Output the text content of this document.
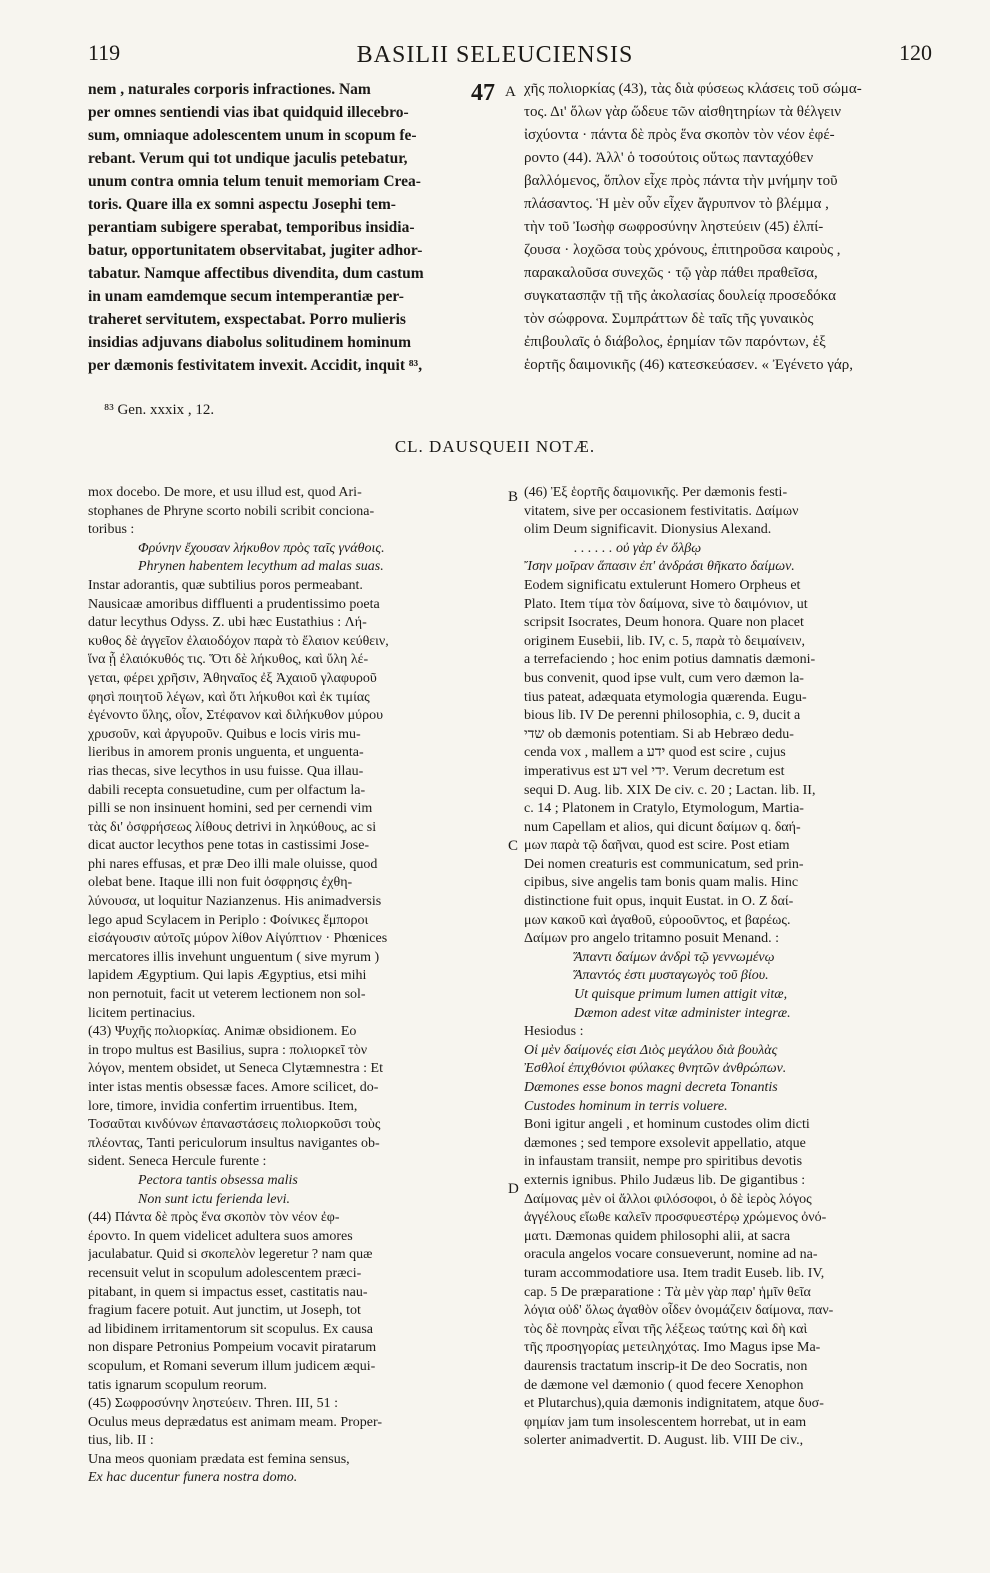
119	BASILII SELEUCIENSIS	120
47 A

nem , naturales corporis infractiones. Nam

per omnes sentiendi vias ibat quidquid illecebro-

sum, omniaque adolescentem unum in scopum fe-

rebant. Verum qui tot undique jaculis petebatur,

unum contra omnia telum tenuit memoriam Crea-

toris. Quare illa ex somni aspectu Josephi tem-

perantiam subigere sperabat, temporibus insidia-

batur, opportunitatem observitabat, jugiter adhor-

tabatur. Namque affectibus divendita, dum castum

in unam eamdemque secum intemperantiæ per-

traheret servitutem, exspectabat. Porro mulieris

insidias adjuvans diabolus solitudinem hominum

per dæmonis festivitatem invexit. Accidit, inquit ⁸³,

χῆς πολιορκίας (43), τὰς διὰ φύσεως κλάσεις τοῦ σώμα-

τος. Δι' ὅλων γὰρ ὥδευε τῶν αἰσθητηρίων τὰ θέλγειν

ἰσχύοντα · πάντα δὲ πρὸς ἕνα σκοπὸν τὸν νέον ἐφέ-

ροντο (44). Ἀλλ' ὁ τοσούτοις οὕτως πανταχόθεν

βαλλόμενος, ὅπλον εἶχε πρὸς πάντα τὴν μνήμην τοῦ

πλάσαντος. Ἡ μὲν οὖν εἶχεν ἄγρυπνον τὸ βλέμμα ,

τὴν τοῦ Ἰωσὴφ σωφροσύνην ληστεύειν (45) ἐλπί-

ζουσα · λοχῶσα τοὺς χρόνους, ἐπιτηροῦσα καιροὺς ,

παρακαλοῦσα συνεχῶς · τῷ γὰρ πάθει πραθεῖσα,

συγκατασπᾷν τῇ τῆς ἀκολασίας δουλείᾳ προσεδόκα

τὸν σώφρονα. Συμπράττων δὲ ταῖς τῆς γυναικὸς

ἐπιβουλαῖς ὁ διάβολος, ἐρημίαν τῶν παρόντων, ἐξ

ἑορτῆς δαιμονικῆς (46) κατεσκεύασεν. « Ἐγένετο γάρ,

⁸³ Gen. xxxix , 12.
CL. DAUSQUEII NOTÆ.
B
C
D

mox docebo. De more, et usu illud est, quod Ari-

stophanes de Phryne scorto nobili scribit conciona-

toribus :

Φρύνην ἔχουσαν λήκυθον πρὸς ταῖς γνάθοις.

Phrynen habentem lecythum ad malas suas.

Instar adorantis, quæ subtilius poros permeabant.

Nausicaæ amoribus diffluenti a prudentissimo poeta

datur lecythus Odyss. Z. ubi hæc Eustathius : Λή-

κυθος δὲ ἀγγεῖον ἐλαιοδόχον παρὰ τὸ ἔλαιον κεύθειν,

ἵνα ᾖ ἐλαιόκυθός τις. Ὅτι δὲ λήκυθος, καὶ ὕλη λέ-

γεται, φέρει χρῆσιν, Ἀθηναῖος ἐξ Ἀχαιοῦ γλαφυροῦ

φησὶ ποιητοῦ λέγων, καὶ ὅτι λήκυθοι καὶ ἐκ τιμίας

ἐγένοντο ὕλης, οἷον, Στέφανον καὶ διλήκυθον μύρου

χρυσοῦν, καὶ ἀργυροῦν. Quibus e locis viris mu-

lieribus in amorem pronis unguenta, et unguenta-

rias thecas, sive lecythos in usu fuisse. Qua illau-

dabili recepta consuetudine, cum per olfactum la-

pilli se non insinuent homini, sed per cernendi vim

τὰς δι' ὀσφρήσεως λίθους detrivi in ληκύθους, ac si

dicat auctor lecythos pene totas in castissimi Jose-

phi nares effusas, et præ Deo illi male oluisse, quod

olebat bene. Itaque illi non fuit ὀσφρησις ἐχθη-

λύνουσα, ut loquitur Nazianzenus. His animadversis

lego apud Scylacem in Periplo : Φοίνικες ἔμποροι

εἰσάγουσιν αὐτοῖς μύρον λίθον Αἰγύπτιον · Phœnices

mercatores illis invehunt unguentum ( sive myrum )

lapidem Ægyptium. Qui lapis Ægyptius, etsi mihi

non pernotuit, facit ut veterem lectionem non sol-

licitem pertinacius.

(43) Ψυχῆς πολιορκίας. Animæ obsidionem. Eo

in tropo multus est Basilius, supra : πολιορκεῖ τὸν

λόγον, mentem obsidet, ut Seneca Clytæmnestra : Et

inter istas mentis obsessæ faces. Amore scilicet, do-

lore, timore, invidia confertim irruentibus. Item,

Τοσαῦται κινδύνων ἐπαναστάσεις πολιορκοῦσι τοὺς

πλέοντας, Tanti periculorum insultus navigantes ob-

sident. Seneca Hercule furente :

Pectora tantis obsessa malis

Non sunt ictu ferienda levi.

(44) Πάντα δὲ πρὸς ἕνα σκοπὸν τὸν νέον ἐφ-

έροντο. In quem videlicet adultera suos amores

jaculabatur. Quid si σκοπελὸν legeretur ? nam quæ

recensuit velut in scopulum adolescentem præci-

pitabant, in quem si impactus esset, castitatis nau-

fragium facere potuit. Aut junctim, ut Joseph, tot

ad libidinem irritamentorum sit scopulus. Ex causa

non dispare Petronius Pompeium vocavit piratarum

scopulum, et Romani severum illum judicem æqui-

tatis ignarum scopulum reorum.

(45) Σωφροσύνην ληστεύειν. Thren. III, 51 :

Oculus meus deprædatus est animam meam. Proper-

tius, lib. II :

Una meos quoniam prædata est femina sensus,

Ex hac ducentur funera nostra domo.

(46) Ἐξ ἑορτῆς δαιμονικῆς. Per dæmonis festi-

vitatem, sive per occasionem festivitatis. Δαίμων

olim Deum significavit. Dionysius Alexand.

. . . . . . οὐ γὰρ ἐν ὄλβῳ

Ἴσην μοῖραν ἅπασιν ἐπ' ἀνδράσι θῆκατο δαίμων.

Eodem significatu extulerunt Homero Orpheus et

Plato. Item τίμα τὸν δαίμονα, sive τὸ δαιμόνιον, ut

scripsit Isocrates, Deum honora. Quare non placet

originem Eusebii, lib. IV, c. 5, παρὰ τὸ δειμαίνειν,

a terrefaciendo ; hoc enim potius damnatis dæmoni-

bus convenit, quod ipse vult, cum vero dæmon la-

tius pateat, adæquata etymologia quærenda. Eugu-

bious lib. IV De perenni philosophia, c. 9, ducit a

שדי ob dæmonis potentiam. Si ab Hebræo dedu-

cenda vox , mallem a ידע quod est scire , cujus

imperativus est דע vel ידי. Verum decretum est

sequi D. Aug. lib. XIX De civ. c. 20 ; Lactan. lib. II,

c. 14 ; Platonem in Cratylo, Etymologum, Martia-

num Capellam et alios, qui dicunt δαίμων q. δαή-

μων παρὰ τῷ δαῆναι, quod est scire. Post etiam

Dei nomen creaturis est communicatum, sed prin-

cipibus, sive angelis tam bonis quam malis. Hinc

distinctione fuit opus, inquit Eustat. in O. Z δαί-

μων κακοῦ καὶ ἀγαθοῦ, εὐροοῦντος, et βαρέως.

Δαίμων pro angelo tritamno posuit Menand. :

Ἅπαντι δαίμων ἀνδρὶ τῷ γεννωμένῳ

Ἅπαντός ἐστι μυσταγωγὸς τοῦ βίου.

Ut quisque primum lumen attigit vitæ,

Dæmon adest vitæ administer integræ.

Hesiodus :

Οἱ μὲν δαίμονές εἰσι Διὸς μεγάλου διὰ βουλὰς

Ἐσθλοί ἐπιχθόνιοι φύλακες θνητῶν ἀνθρώπων.

Dæmones esse bonos magni decreta Tonantis

Custodes hominum in terris voluere.

Boni igitur angeli , et hominum custodes olim dicti

dæmones ; sed tempore exsolevit appellatio, atque

in infaustam transiit, nempe pro spiritibus devotis

externis ignibus. Philo Judæus lib. De gigantibus :

Δαίμονας μὲν οἱ ἄλλοι φιλόσοφοι, ὁ δὲ ἱερὸς λόγος

ἀγγέλους εἴωθε καλεῖν προσφυεστέρῳ χρώμενος ὀνό-

ματι. Dæmonas quidem philosophi alii, at sacra

oracula angelos vocare consueverunt, nomine ad na-

turam accommodatiore usa. Item tradit Euseb. lib. IV,

cap. 5 De præparatione : Τὰ μὲν γὰρ παρ' ἡμῖν θεῖα

λόγια οὐδ' ὅλως ἀγαθὸν οἶδεν ὀνομάζειν δαίμονα, παν-

τὸς δὲ πονηρὰς εἶναι τῆς λέξεως ταύτης καὶ δὴ καὶ

τῆς προσηγορίας μετειληχότας. Imo Magus ipse Ma-

daurensis tractatum inscrip-it De deo Socratis, non

de dæmone vel dæmonio ( quod fecere Xenophon

et Plutarchus),quia dæmonis indignitatem, atque δυσ-

φημίαν jam tum insolescentem horrebat, ut in eam

solerter animadvertit. D. August. lib. VIII De civ.,
